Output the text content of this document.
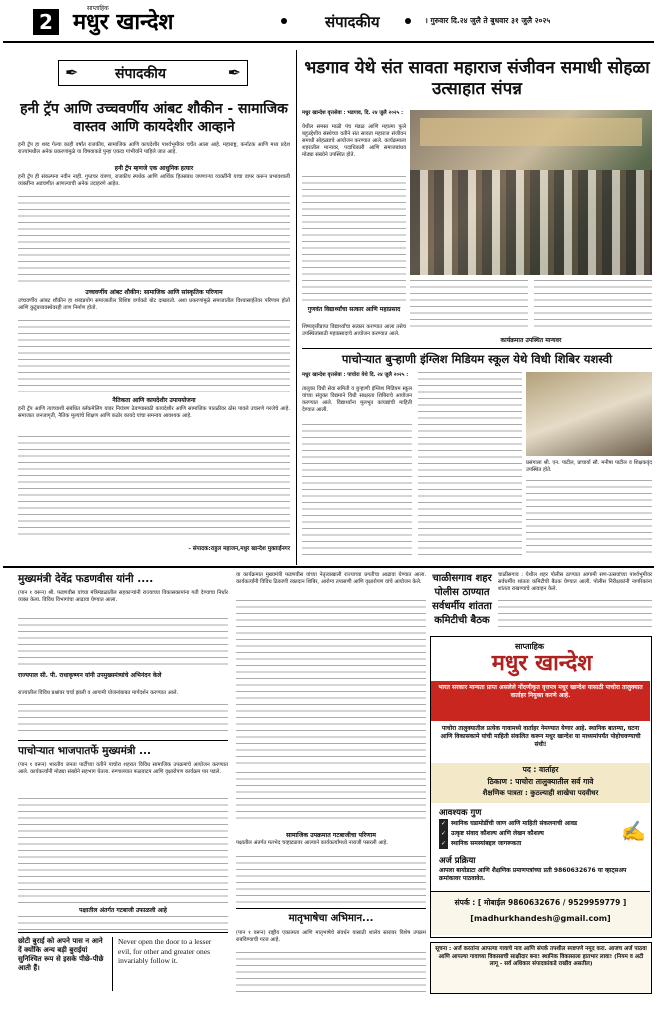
2
साप्ताहिक
मधुर खान्देश	संपादकीय	। गुरुवार दि.२४ जुलै ते बुधवार ३१ जुलै २०२५
✒	संपादकीय	✒
हनी ट्रॅप आणि उच्चवर्णीय आंबट शौकीन - सामाजिक वास्तव आणि कायदेशीर आव्हाने
हनी ट्रॅप हा शब्द गेल्या काही वर्षांत राजकीय, सामाजिक आणि कायदेशीर पार्श्वभूमीवर चर्चेत आला आहे. महाराष्ट्र, कर्नाटक आणि मध्य प्रदेश राज्यांमधील अनेक प्रकरणांमुळे या विषयाकडे पुन्हा एकदा गांभीर्याने पाहिले जात आहे.
हनी ट्रॅप म्हणजे एक आधुनिक हत्यार
हनी ट्रॅप ही संकल्पना नवीन नाही. गुप्तचर यंत्रणा, राजकीय स्पर्धक आणि आर्थिक हितसंबंध जपणाऱ्या व्यक्तींनी याचा वापर करून प्रभावशाली व्यक्तींना अडचणीत आणल्याची अनेक उदाहरणे आहेत.
उच्चवर्णीय आंबट शौकीन: सामाजिक आणि सांस्कृतिक परिणाम
उच्चवर्णीय आंबट शौकीन हा शब्दप्रयोग समाजातील विशिष्ट वर्गाकडे बोट दाखवतो. अशा प्रकरणांमुळे समाजातील विश्वासार्हतेवर परिणाम होतो आणि कुटुंबव्यवस्थेवरही ताण निर्माण होतो.
नैतिकता आणि कायदेशीर उपाययोजना
हनी ट्रॅप आणि त्याच्याशी संबंधित ब्लॅकमेलिंग यावर नियंत्रण ठेवण्यासाठी कायदेशीर आणि सामाजिक पातळीवर ठोस पावले उचलणे गरजेचे आहे. समाजात जनजागृती, नैतिक मूल्यांचे शिक्षण आणि कठोर कायदे यांचा समन्वय आवश्यक आहे.
- संपादक:राहुल महाजन,मधुर खान्देश मुक्ताईनगर
भडगाव येथे संत सावता महाराज संजीवन समाधी सोहळा उत्साहात संपन्न
मधुर खान्देश वृत्तसेवा : भडगाव, दि. २४ जुलै २०२५ :
येथील समस्त माळी पंच मंडळ आणि महात्मा फुले बहुउद्देशीय संस्थेच्या वतीने संत सावता महाराज संजीवन समाधी सोहळ्याचे आयोजन करण्यात आले. कार्यक्रमाला शहरातील मान्यवर, पदाधिकारी आणि समाजबांधव मोठ्या संख्येने उपस्थित होते.
गुणवंत विद्यार्थ्यांचा सत्कार आणि महाप्रसाद
शिष्यवृत्तीप्राप्त विद्यार्थ्यांचा सत्कार करण्यात आला तसेच उपस्थितांसाठी महाप्रसादाचे आयोजन करण्यात आले.
कार्यक्रमात उपस्थित मान्यवर
पाचोऱ्यात बुऱ्हाणी इंग्लिश मिडियम स्कूल येथे विधी शिबिर यशस्वी
मधुर खान्देश वृत्तसेवा : पाचोरा येथे दि. २४ जुलै २०२५ :
तालुका विधी सेवा समिती व बुऱ्हाणी इंग्लिश मिडियम स्कूल यांच्या संयुक्त विद्यमाने विधी साक्षरता शिबिराचे आयोजन करण्यात आले. विद्यार्थ्यांना मूलभूत कायद्यांची माहिती देण्यात आली.
प्रसंगाला श्री. एन. पाटील, प्राचार्या सौ. मनीषा पाटील व शिक्षकवृंद उपस्थित होते.
मुख्यमंत्री देवेंद्र फडणवीस यांनी ....
(पान १ वरून) श्री. फडणवीस यांच्या मंत्रिमंडळातील सहकाऱ्यांनी राज्याच्या विकासकामांना गती देण्याचा निर्धार व्यक्त केला. विविध विभागांचा आढावा घेण्यात आला.
राज्यपाल सी. पी. राधाकृष्णन यांनी उपमुख्यमंत्र्यांचे अभिनंदन केले
राज्यातील विविध प्रश्नांवर चर्चा झाली व आगामी योजनांबाबत मार्गदर्शन करण्यात आले.
या कार्यक्रमात मुख्यमंत्री फडणवीस यांच्या नेतृत्वाखाली राज्याच्या प्रगतीचा आढावा घेण्यात आला. कार्यकर्त्यांनी विविध ठिकाणी रक्तदान शिबिर, आरोग्य तपासणी आणि वृक्षारोपण यांचे आयोजन केले.
सामाजिक उपक्रमात गटबाजीचा परिणाम
पक्षातील अंतर्गत मतभेद चव्हाट्यावर आल्याने कार्यकर्त्यांमध्ये नाराजी पसरली आहे.
चाळीसगाव शहर पोलीस ठाण्यात सर्वधर्मीय शांतता कमिटीची बैठक
चाळीसगाव : येथील शहर पोलीस ठाण्यात आगामी सण-उत्सवांच्या पार्श्वभूमीवर सर्वधर्मीय शांतता कमिटीची बैठक घेण्यात आली. पोलीस निरीक्षकांनी नागरिकांना शांतता राखण्याचे आवाहन केले.
साप्ताहिक
मधुर खान्देश
भारत सरकार मान्यता प्राप्त असलेले नोंदणीकृत वृत्तपत्र मधुर खान्देश यासाठी पाचोरा तालुक्यात वार्ताहर नियुक्त करणे आहे.
पाचोरा तालुक्यातील प्रत्येक गावामध्ये वार्ताहर नेमण्यात येणार आहे. स्थानिक बातम्या, घटना आणि विकासकामे यांची माहिती संकलित करून मधुर खान्देश या माध्यमांपर्यंत पोहोचवण्याची संधी!
पद : वार्ताहर
ठिकाण : पाचोरा तालुक्यातील सर्व गावे
शैक्षणिक पात्रता : कुठल्याही शाखेचा पदवीधर
आवश्यक गुण
✓ स्थानिक घडामोडींची जाण आणि माहिती संकलनाची आवड
✓ उत्कृष्ट संवाद कौशल्य आणि लेखन कौशल्य
✓ स्थानिक समस्यांबद्दल जागरूकता
✍
अर्ज प्रक्रिया
आपला बायोडाटा आणि शैक्षणिक प्रमाणपत्रांच्या प्रती 9860632676 या व्हाट्सअप क्रमांकावर पाठवावेत.
संपर्क : [ मोबाईल 9860632676 / 9529959779 ]
[madhurkhandesh@gmail.com]
पाचोऱ्यात भाजपातर्फे मुख्यमंत्री ...
(पान १ वरून) भारतीय जनता पार्टीच्या वतीने पाचोरा शहरात विविध सामाजिक उपक्रमांचे आयोजन करण्यात आले. कार्यकर्त्यांनी मोठ्या संख्येने सहभाग घेतला. रुग्णालयात फळवाटप आणि वृक्षारोपण कार्यक्रम पार पडले.
पक्षातील अंतर्गत गटबाजी उफाळली आहे
छोटी बुराई को अपने पास न आने दें क्योंकि अन्य बड़ी बुराईयां सुनिश्चित रूप से इसके पीछे-पीछे आती हैं।
Never open the door to a lesser evil, for other and greater ones invariably follow it.
मातृभाषेचा अभिमान...
(पान १ वरून) राष्ट्रीय एकात्मता आणि मातृभाषेचे संवर्धन यासाठी शालेय स्तरावर विशेष उपक्रम राबविण्याची गरज आहे.
सूचना : अर्ज करतांना आपल्या गावाचे नाव आणि संपर्क तपशील स्पष्टपणे नमूद करा. आजच अर्ज पाठवा आणि आपल्या गावाच्या विकासाची साक्षीदार बना! स्थानिक विकासाला हातभार लावा! (नियम व अटी लागू - सर्व अधिकार संपादकांकडे राखीव असतील)
